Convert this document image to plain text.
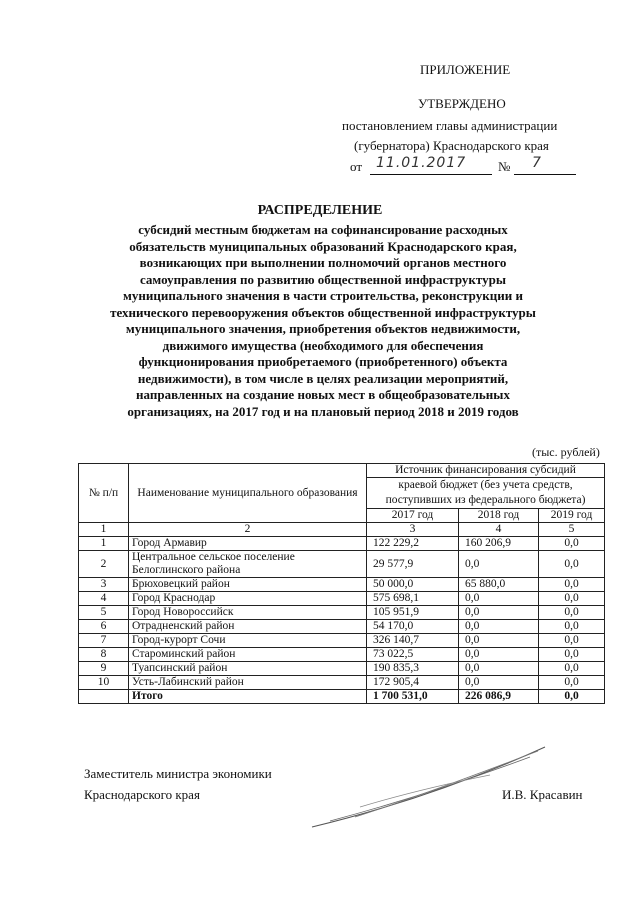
ПРИЛОЖЕНИЕ
УТВЕРЖДЕНО
постановлением главы администрации
(губернатора) Краснодарского края
от 11.01.2017 № 7
РАСПРЕДЕЛЕНИЕ
субсидий местным бюджетам на софинансирование расходных
обязательств муниципальных образований Краснодарского края,
возникающих при выполнении полномочий органов местного
самоуправления по развитию общественной инфраструктуры
муниципального значения в части строительства, реконструкции и
технического перевооружения объектов общественной инфраструктуры
муниципального значения, приобретения объектов недвижимости,
движимого имущества (необходимого для обеспечения
функционирования приобретаемого (приобретенного) объекта
недвижимости), в том числе в целях реализации мероприятий,
направленных на создание новых мест в общеобразовательных
организациях, на 2017 год и на плановый период 2018 и 2019 годов
(тыс. рублей)
№ п/п	Наименование муниципального образования	Источник финансирования субсидий		
		краевой бюджет (без учета средств, поступивших из федерального бюджета)		
		2017 год	2018 год	2019 год
1	2	3	4	5
1	Город Армавир	122 229,2	160 206,9	0,0
2	Центральное сельское поселение Белоглинского района	29 577,9	0,0	0,0
3	Брюховецкий район	50 000,0	65 880,0	0,0
4	Город Краснодар	575 698,1	0,0	0,0
5	Город Новороссийск	105 951,9	0,0	0,0
6	Отрадненский район	54 170,0	0,0	0,0
7	Город-курорт Сочи	326 140,7	0,0	0,0
8	Староминский район	73 022,5	0,0	0,0
9	Туапсинский район	190 835,3	0,0	0,0
10	Усть-Лабинский район	172 905,4	0,0	0,0
	Итого	1 700 531,0	226 086,9	0,0
Заместитель министра экономики
Краснодарского края	И.В. Красавин
